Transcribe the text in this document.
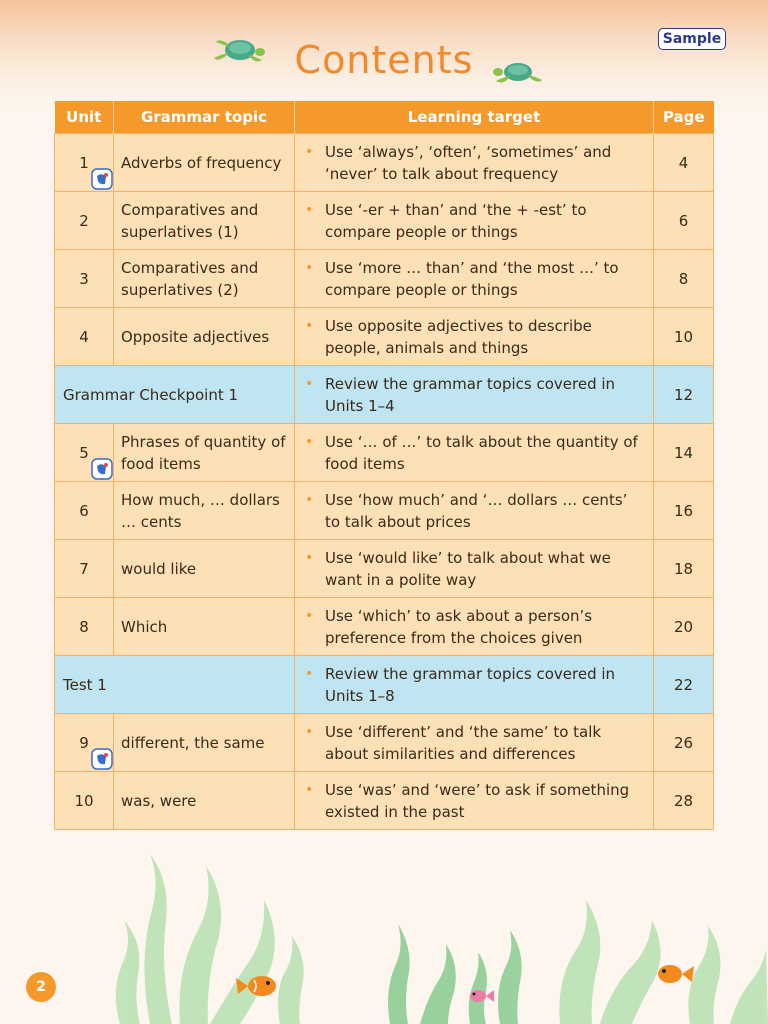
Sample
Contents
Unit	Grammar topic	Learning target	Page
1	Adverbs of frequency	• Use ‘always’, ‘often’, ‘sometimes’ and ‘never’ to talk about frequency	4
2	Comparatives and superlatives (1)	• Use ‘-er + than’ and ‘the + -est’ to compare people or things	6
3	Comparatives and superlatives (2)	• Use ‘more … than’ and ‘the most …’ to compare people or things	8
4	Opposite adjectives	• Use opposite adjectives to describe people, animals and things	10
Grammar Checkpoint 1		• Review the grammar topics covered in Units 1–4	12
5	Phrases of quantity of food items	• Use ‘… of …’ to talk about the quantity of food items	14
6	How much, … dollars … cents	• Use ‘how much’ and ‘… dollars … cents’ to talk about prices	16
7	would like	• Use ‘would like’ to talk about what we want in a polite way	18
8	Which	• Use ‘which’ to ask about a person’s preference from the choices given	20
Test 1		• Review the grammar topics covered in Units 1–8	22
9	different, the same	• Use ‘different’ and ‘the same’ to talk about similarities and differences	26
10	was, were	• Use ‘was’ and ‘were’ to ask if something existed in the past	28
2
